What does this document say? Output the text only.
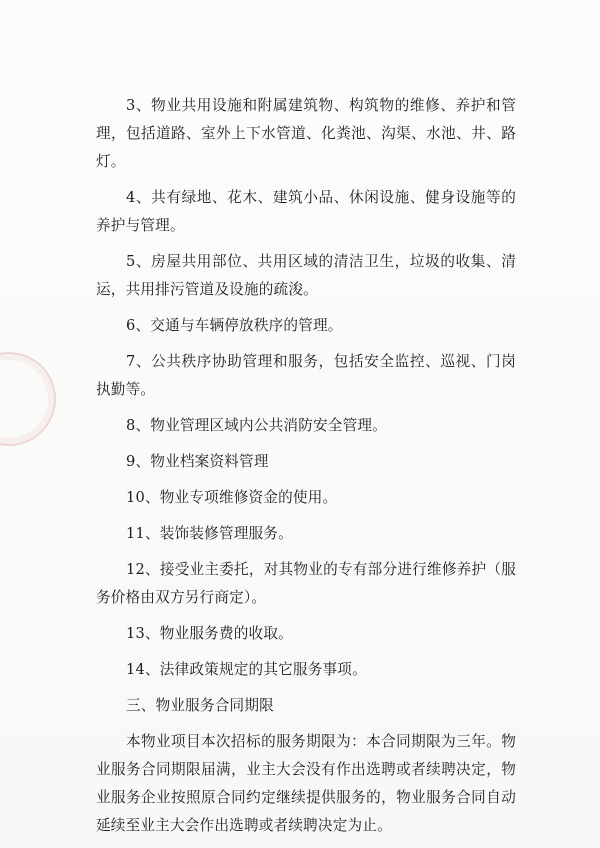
3、物业共用设施和附属建筑物、构筑物的维修、养护和管理，包括道路、室外上下水管道、化粪池、沟渠、水池、井、路灯。

4、共有绿地、花木、建筑小品、休闲设施、健身设施等的养护与管理。

5、房屋共用部位、共用区域的清洁卫生，垃圾的收集、清运，共用排污管道及设施的疏浚。

6、交通与车辆停放秩序的管理。

7、公共秩序协助管理和服务，包括安全监控、巡视、门岗执勤等。

8、物业管理区域内公共消防安全管理。

9、物业档案资料管理

10、物业专项维修资金的使用。

11、装饰装修管理服务。

12、接受业主委托，对其物业的专有部分进行维修养护（服务价格由双方另行商定）。

13、物业服务费的收取。

14、法律政策规定的其它服务事项。

三、物业服务合同期限

本物业项目本次招标的服务期限为：本合同期限为三年。物业服务合同期限届满，业主大会没有作出选聘或者续聘决定，物业服务企业按照原合同约定继续提供服务的，物业服务合同自动延续至业主大会作出选聘或者续聘决定为止。
